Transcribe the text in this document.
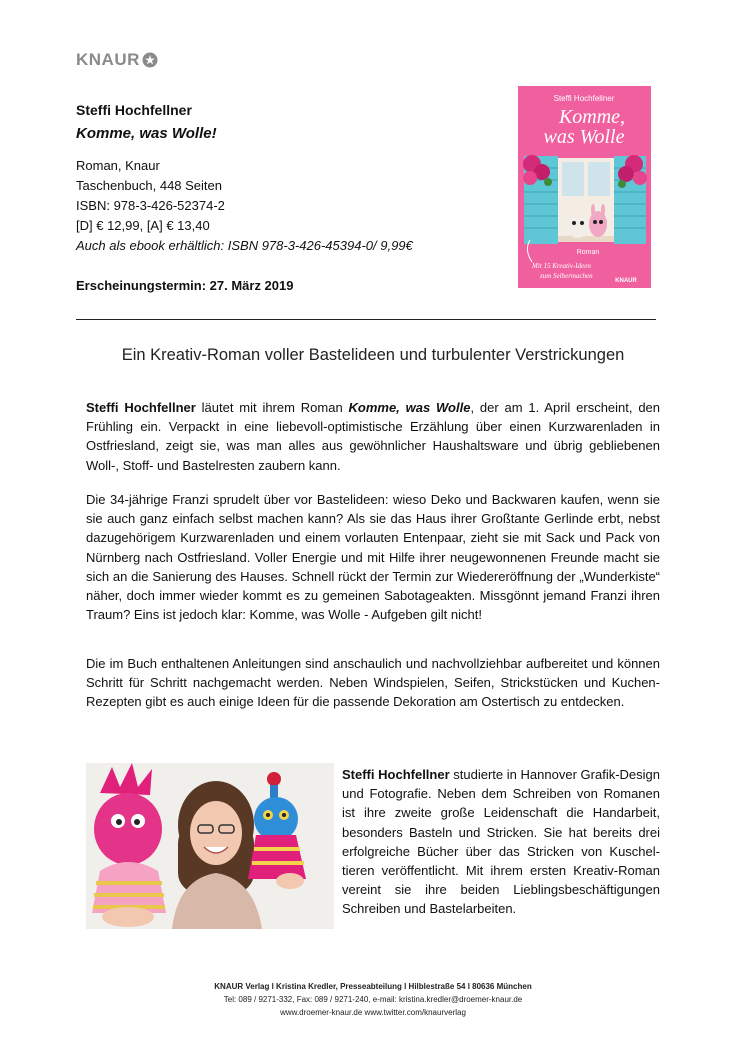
KNAUR
Steffi Hochfellner
Komme, was Wolle!
Roman, Knaur
Taschenbuch, 448 Seiten
ISBN: 978-3-426-52374-2
[D] € 12,99, [A] € 13,40
Auch als ebook erhältlich: ISBN 978-3-426-45394-0/ 9,99€
Erscheinungstermin: 27. März 2019
Steffi Hochfellner
Komme,
was Wolle
Roman
Mit 15 Kreativ-Ideen
zum Selbermachen
KNAUR
Ein Kreativ-Roman voller Bastelideen und turbulenter Verstrickungen
Steffi Hochfellner läutet mit ihrem Roman Komme, was Wolle, der am 1. April erscheint, den Frühling ein. Verpackt in eine liebevoll-optimistische Erzählung über einen Kurzwarenladen in Ostfriesland, zeigt sie, was man alles aus gewöhnlicher Haushaltsware und übrig gebliebenen Woll-, Stoff- und Bastelresten zaubern kann.
Die 34-jährige Franzi sprudelt über vor Bastelideen: wieso Deko und Backwaren kaufen, wenn sie sie auch ganz einfach selbst machen kann? Als sie das Haus ihrer Großtante Gerlinde erbt, nebst dazugehörigem Kurzwarenladen und einem vorlauten Entenpaar, zieht sie mit Sack und Pack von Nürnberg nach Ostfriesland. Voller Energie und mit Hilfe ihrer neugewonnenen Freunde macht sie sich an die Sanierung des Hauses. Schnell rückt der Termin zur Wiedereröffnung der „Wunderkiste“ näher, doch immer wieder kommt es zu gemeinen Sabotageakten. Missgönnt jemand Franzi ihren Traum? Eins ist jedoch klar: Komme, was Wolle - Aufgeben gilt nicht!
Die im Buch enthaltenen Anleitungen sind anschaulich und nachvollziehbar aufbereitet und können Schritt für Schritt nachgemacht werden. Neben Windspielen, Seifen, Strickstücken und Kuchen-Rezepten gibt es auch einige Ideen für die passende Dekoration am Ostertisch zu entdecken.
Steffi Hochfellner studierte in Hannover Grafik-Design und Fotografie. Neben dem Schreiben von Romanen ist ihre zweite große Leidenschaft die Handarbeit, besonders Basteln und Stricken. Sie hat bereits drei erfolgreiche Bücher über das Stricken von Kuscheltieren veröffentlicht. Mit ihrem ersten Kreativ-Roman vereint sie ihre beiden Lieblingsbeschäftigungen Schreiben und Bastelarbeiten.
KNAUR Verlag l Kristina Kredler, Presseabteilung l Hilblestraße 54 l 80636 München
Tel: 089 / 9271-332, Fax: 089 / 9271-240, e-mail: kristina.kredler@droemer-knaur.de
www.droemer-knaur.de www.twitter.com/knaurverlag
